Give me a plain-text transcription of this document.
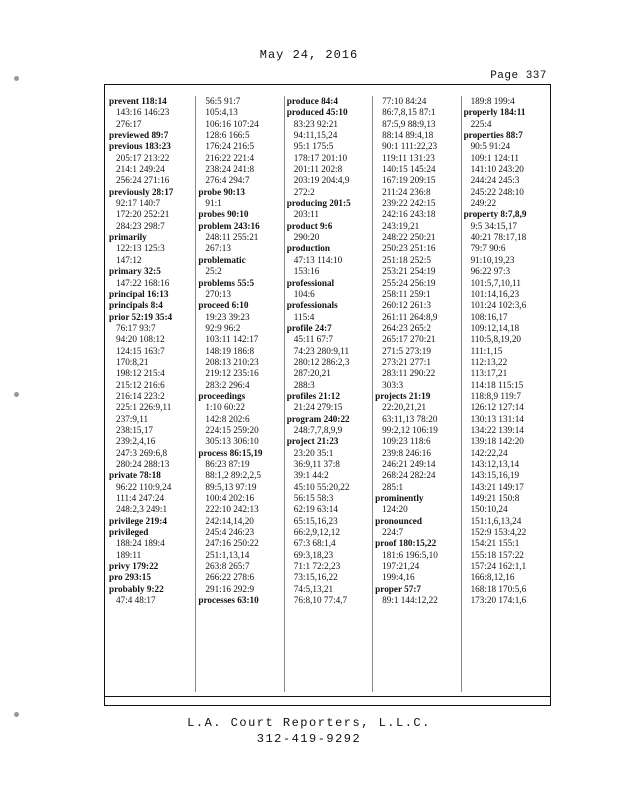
May 24, 2016
Page 337
prevent 118:14
143:16 146:23
276:17
previewed 89:7
previous 183:23
205:17 213:22
214:1 249:24
256:24 271:16
previously 28:17
92:17 140:7
172:20 252:21
284:23 298:7
primarily
122:13 125:3
147:12
primary 32:5
147:22 168:16
principal 16:13
principals 8:4
prior 52:19 35:4
76:17 93:7
94:20 108:12
124:15 163:7
170:8,21
198:12 215:4
215:12 216:6
216:14 223:2
225:1 226:9,11
237:9,11
238:15,17
239:2,4,16
247:3 269:6,8
280:24 288:13
private 78:18
96:22 110:9,24
111:4 247:24
248:2,3 249:1
privilege 219:4
privileged
188:24 189:4
189:11
privy 179:22
pro 293:15
probably 9:22
47:4 48:17
56:5 91:7
105:4,13
106:16 107:24
128:6 166:5
176:24 216:5
216:22 221:4
238:24 241:8
276:4 294:7
probe 90:13
91:1
probes 90:10
problem 243:16
248:11 255:21
267:13
problematic
25:2
problems 55:5
270:13
proceed 6:10
19:23 39:23
92:9 96:2
103:11 142:17
148:19 186:8
208:13 210:23
219:12 235:16
283:2 296:4
proceedings
1:10 60:22
142:8 202:6
224:15 259:20
305:13 306:10
process 86:15,19
86:23 87:19
88:1,2 89:2,2,5
89:5,13 97:19
100:4 202:16
222:10 242:13
242:14,14,20
245:4 246:23
247:16 250:22
251:1,13,14
263:8 265:7
266:22 278:6
291:16 292:9
processes 63:10
produce 84:4
produced 45:10
83:23 92:21
94:11,15,24
95:1 175:5
178:17 201:10
201:11 202:8
203:19 204:4,9
272:2
producing 201:5
203:11
product 9:6
290:20
production
47:13 114:10
153:16
professional
104:6
professionals
115:4
profile 24:7
45:11 67:7
74:23 280:9,11
280:12 286:2,3
287:20,21
288:3
profiles 21:12
21:24 279:15
program 240:22
248:7,7,8,9,9
project 21:23
23:20 35:1
36:9,11 37:8
39:1 44:2
45:10 55:20,22
56:15 58:3
62:19 63:14
65:15,16,23
66:2,9,12,12
67:3 68:1,4
69:3,18,23
71:1 72:2,23
73:15,16,22
74:5,13,21
76:8,10 77:4,7
77:10 84:24
86:7,8,15 87:1
87:5,9 88:9,13
88:14 89:4,18
90:1 111:22,23
119:11 131:23
140:15 145:24
167:19 209:15
211:24 236:8
239:22 242:15
242:16 243:18
243:19,21
248:22 250:21
250:23 251:16
251:18 252:5
253:21 254:19
255:24 256:19
258:11 259:1
260:12 261:3
261:11 264:8,9
264:23 265:2
265:17 270:21
271:5 273:19
273:21 277:1
283:11 290:22
303:3
projects 21:19
22:20,21,21
63:11,13 78:20
99:2,12 106:19
109:23 118:6
239:8 246:16
246:21 249:14
268:24 282:24
285:1
prominently
124:20
pronounced
224:7
proof 180:15,22
181:6 196:5,10
197:21,24
199:4,16
proper 57:7
89:1 144:12,22
189:8 199:4
properly 184:11
225:4
properties 88:7
90:5 91:24
109:1 124:11
141:10 243:20
244:24 245:3
245:22 248:10
249:22
property 8:7,8,9
9:5 34:15,17
40:21 78:17,18
79:7 90:6
91:10,19,23
96:22 97:3
101:5,7,10,11
101:14,16,23
101:24 102:3,6
108:16,17
109:12,14,18
110:5,8,19,20
111:1,15
112:13,22
113:17,21
114:18 115:15
118:8,9 119:7
126:12 127:14
130:13 131:14
134:22 139:14
139:18 142:20
142:22,24
143:12,13,14
143:15,16,19
143:21 149:17
149:21 150:8
150:10,24
151:1,6,13,24
152:9 153:4,22
154:21 155:1
155:18 157:22
157:24 162:1,1
166:8,12,16
168:18 170:5,6
173:20 174:1,6
L.A. Court Reporters, L.L.C.
312-419-9292
